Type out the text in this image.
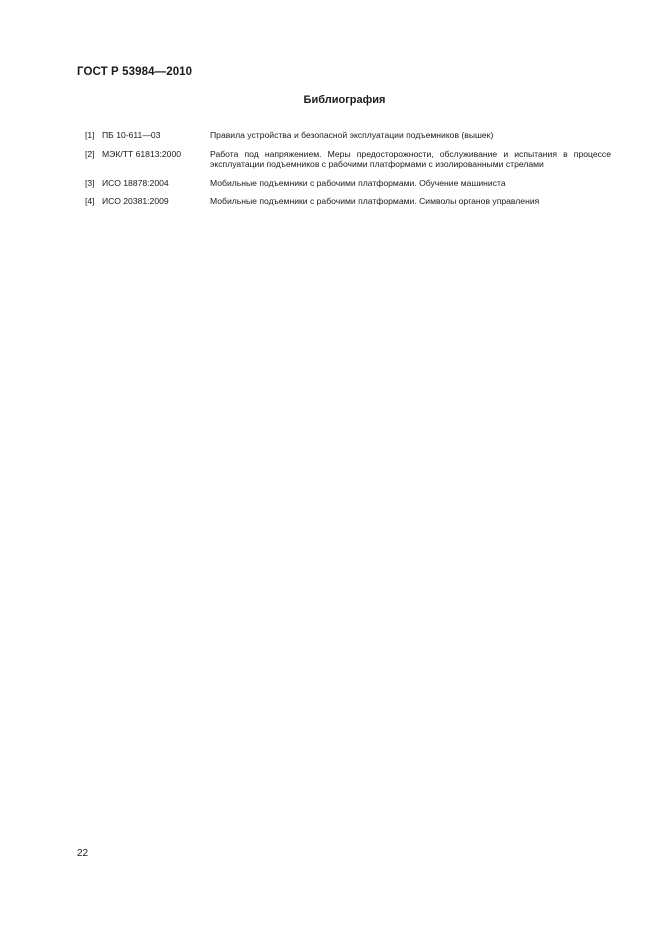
ГОСТ Р 53984—2010
Библиография
[1] ПБ 10-611—03	Правила устройства и безопасной эксплуатации подъемников (вышек)
[2] МЭК/ТТ 61813:2000	Работа под напряжением. Меры предосторожности, обслуживание и испытания в процессе эксплуатации подъемников с рабочими платформами с изолированными стрелами
[3] ИСО 18878:2004	Мобильные подъемники с рабочими платформами. Обучение машиниста
[4] ИСО 20381:2009	Мобильные подъемники с рабочими платформами. Символы органов управления
22
